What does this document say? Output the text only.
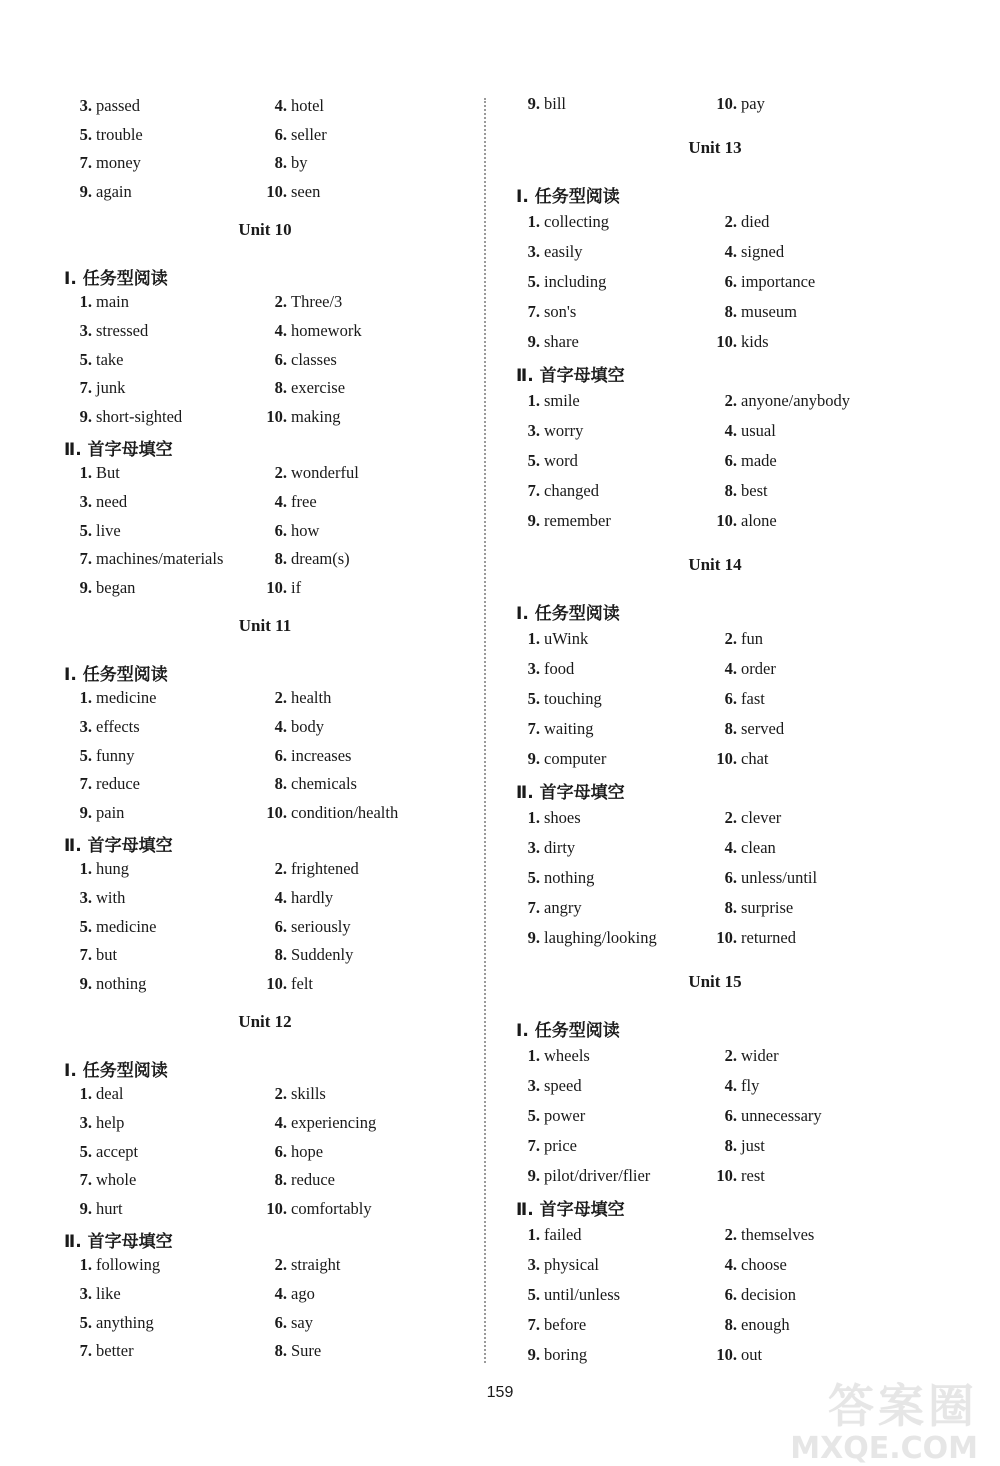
3. passed	4. hotel
5. trouble	6. seller
7. money	8. by
9. again	10. seen
Unit 10
Ⅰ. 任务型阅读
1. main	2. Three/3
3. stressed	4. homework
5. take	6. classes
7. junk	8. exercise
9. short-sighted	10. making
Ⅱ. 首字母填空
1. But	2. wonderful
3. need	4. free
5. live	6. how
7. machines/materials	8. dream(s)
9. began	10. if
Unit 11
Ⅰ. 任务型阅读
1. medicine	2. health
3. effects	4. body
5. funny	6. increases
7. reduce	8. chemicals
9. pain	10. condition/health
Ⅱ. 首字母填空
1. hung	2. frightened
3. with	4. hardly
5. medicine	6. seriously
7. but	8. Suddenly
9. nothing	10. felt
Unit 12
Ⅰ. 任务型阅读
1. deal	2. skills
3. help	4. experiencing
5. accept	6. hope
7. whole	8. reduce
9. hurt	10. comfortably
Ⅱ. 首字母填空
1. following	2. straight
3. like	4. ago
5. anything	6. say
7. better	8. Sure
9. bill	10. pay
Unit 13
Ⅰ. 任务型阅读
1. collecting	2. died
3. easily	4. signed
5. including	6. importance
7. son's	8. museum
9. share	10. kids
Ⅱ. 首字母填空
1. smile	2. anyone/anybody
3. worry	4. usual
5. word	6. made
7. changed	8. best
9. remember	10. alone
Unit 14
Ⅰ. 任务型阅读
1. uWink	2. fun
3. food	4. order
5. touching	6. fast
7. waiting	8. served
9. computer	10. chat
Ⅱ. 首字母填空
1. shoes	2. clever
3. dirty	4. clean
5. nothing	6. unless/until
7. angry	8. surprise
9. laughing/looking	10. returned
Unit 15
Ⅰ. 任务型阅读
1. wheels	2. wider
3. speed	4. fly
5. power	6. unnecessary
7. price	8. just
9. pilot/driver/flier	10. rest
Ⅱ. 首字母填空
1. failed	2. themselves
3. physical	4. choose
5. until/unless	6. decision
7. before	8. enough
9. boring	10. out
159	答案圈
MXQE.COM
